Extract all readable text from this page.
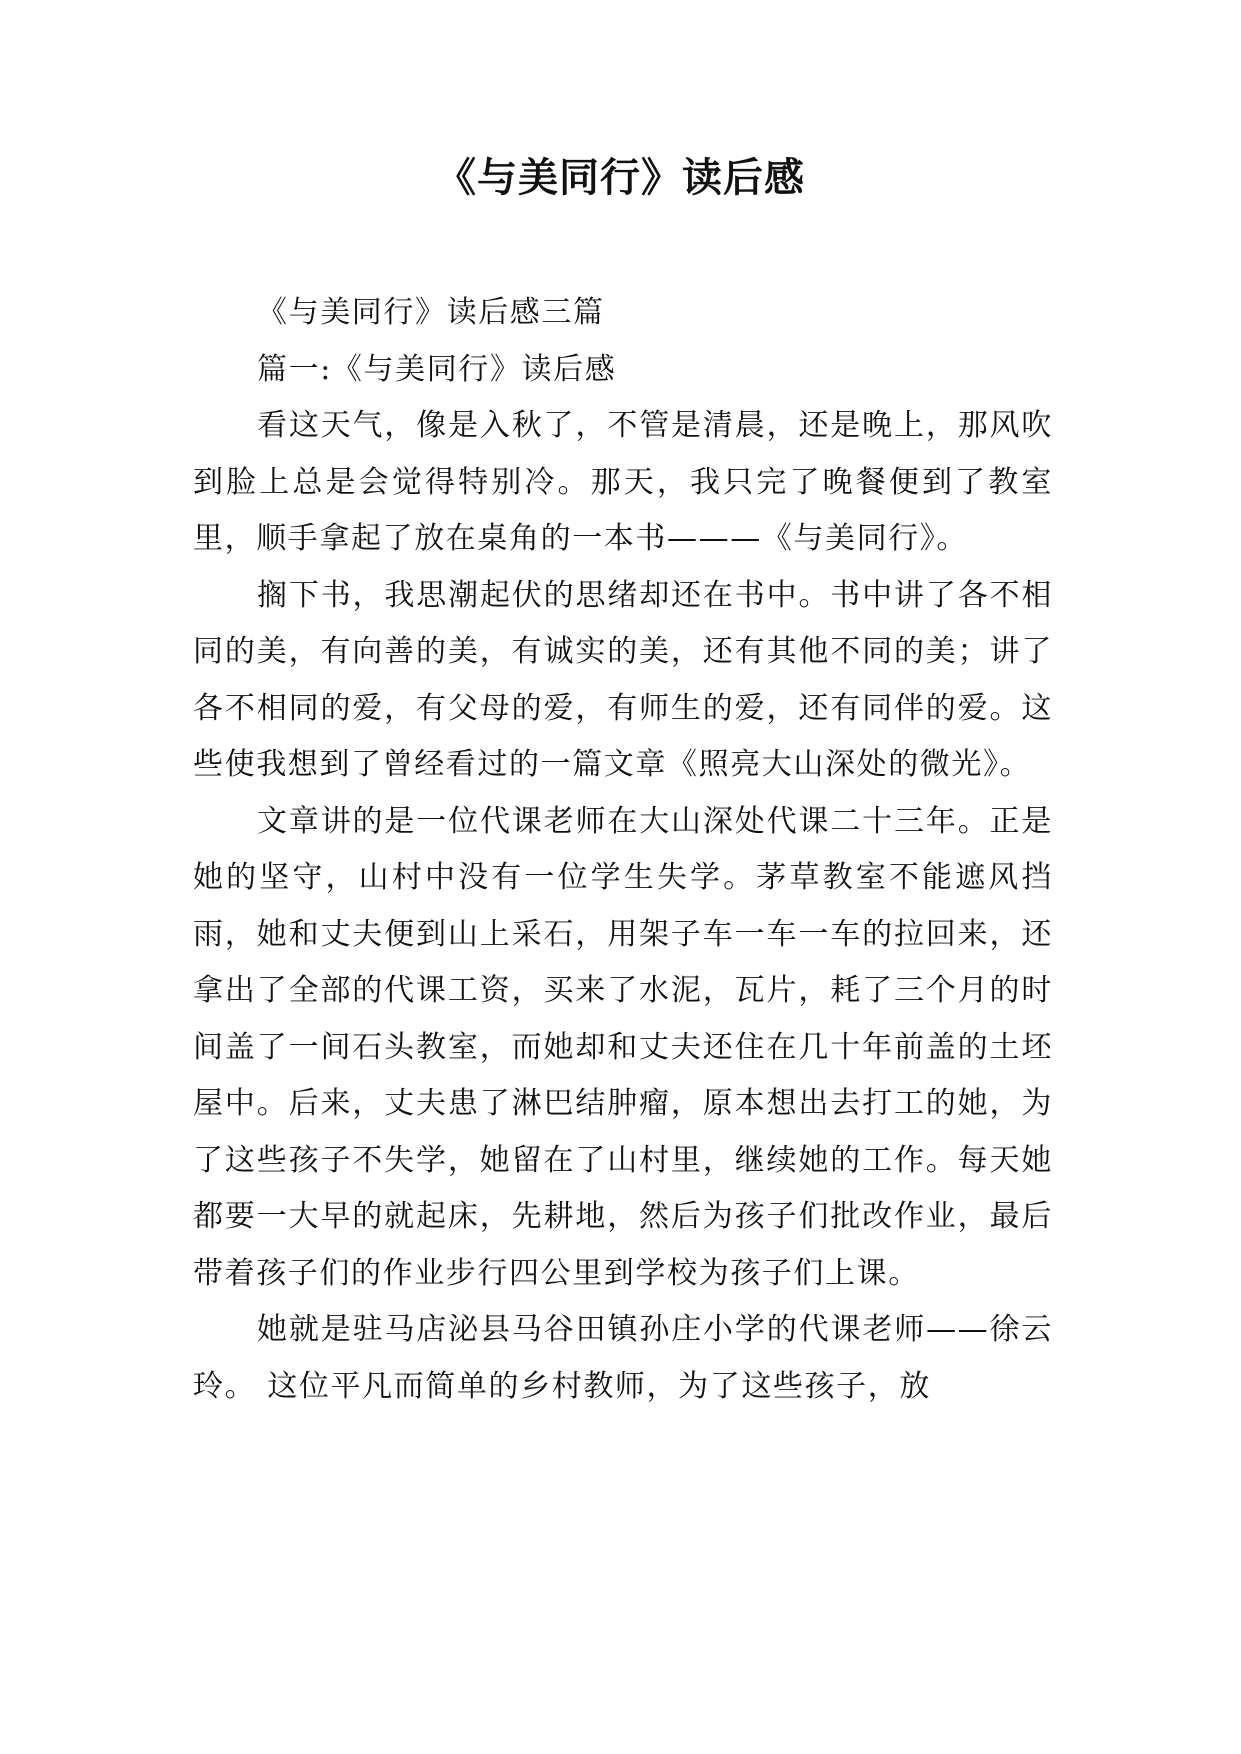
《与美同行》读后感

《与美同行》读后感三篇

篇一:《与美同行》读后感

看这天气，像是入秋了，不管是清晨，还是晚上，那风吹到脸上总是会觉得特别冷。那天，我只完了晚餐便到了教室里，顺手拿起了放在桌角的一本书———《与美同行》。

搁下书，我思潮起伏的思绪却还在书中。书中讲了各不相同的美，有向善的美，有诚实的美，还有其他不同的美；讲了各不相同的爱，有父母的爱，有师生的爱，还有同伴的爱。这些使我想到了曾经看过的一篇文章《照亮大山深处的微光》。

文章讲的是一位代课老师在大山深处代课二十三年。正是她的坚守，山村中没有一位学生失学。茅草教室不能遮风挡雨，她和丈夫便到山上采石，用架子车一车一车的拉回来，还拿出了全部的代课工资，买来了水泥，瓦片，耗了三个月的时间盖了一间石头教室，而她却和丈夫还住在几十年前盖的土坯屋中。后来，丈夫患了淋巴结肿瘤，原本想出去打工的她，为了这些孩子不失学，她留在了山村里，继续她的工作。每天她都要一大早的就起床，先耕地，然后为孩子们批改作业，最后带着孩子们的作业步行四公里到学校为孩子们上课。

她就是驻马店泌县马谷田镇孙庄小学的代课老师——徐云玲。 这位平凡而简单的乡村教师，为了这些孩子，放
